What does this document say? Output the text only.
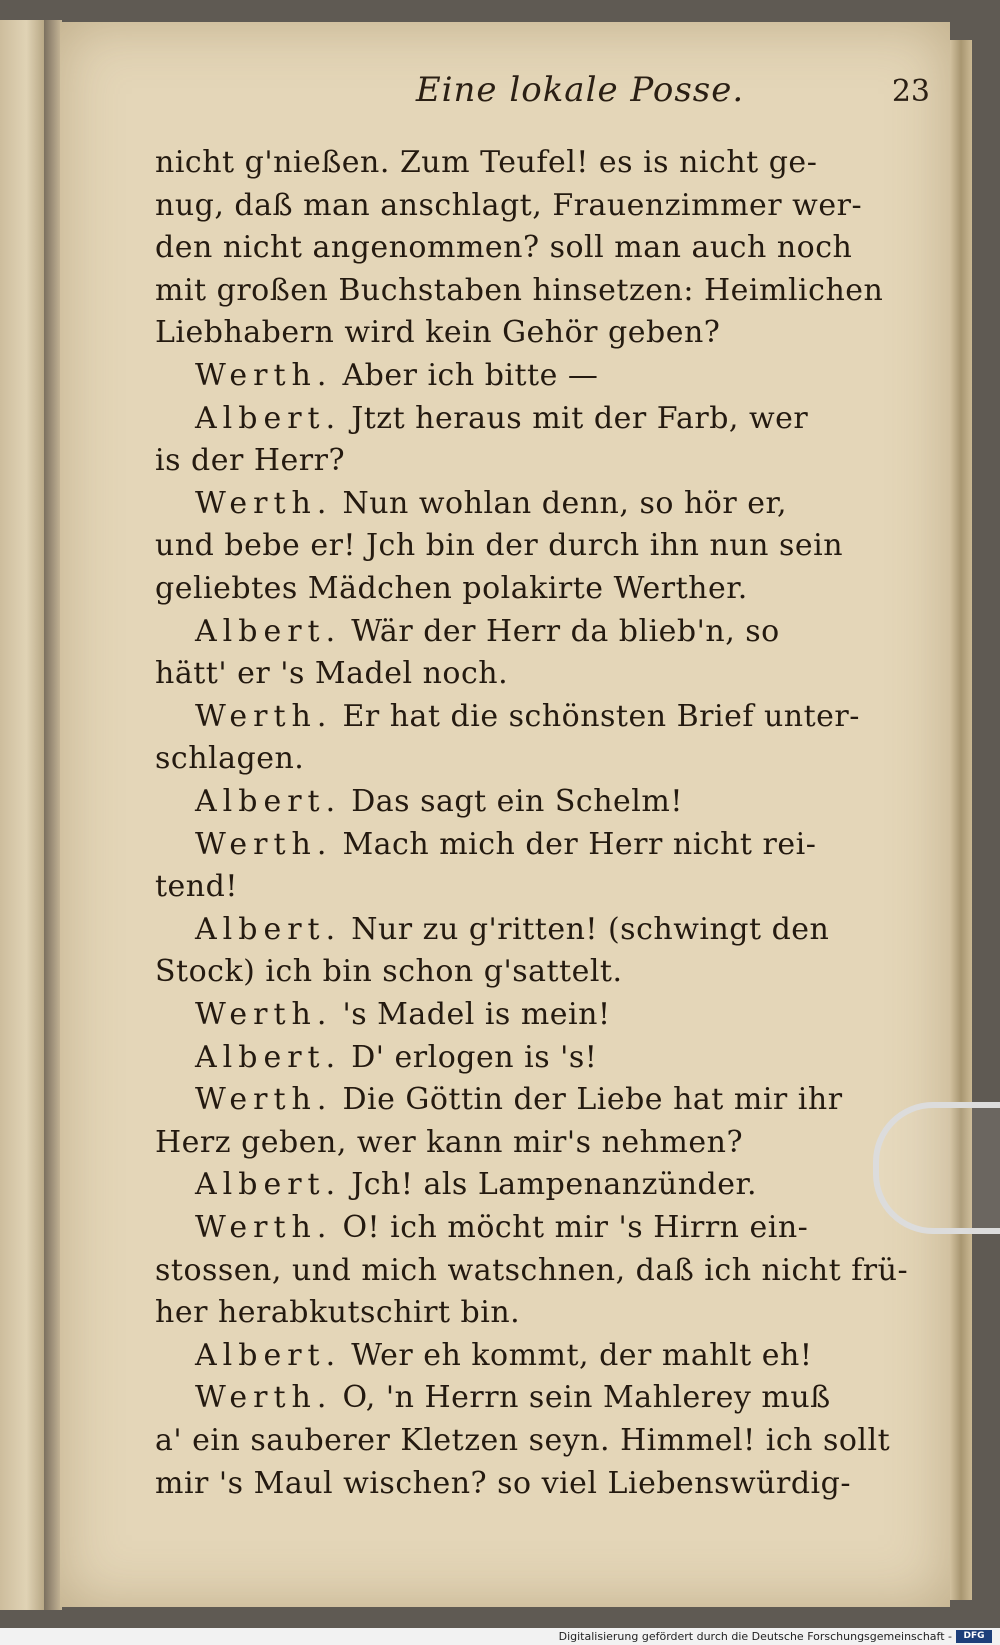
Eine lokale Posse.	23
nicht g'nießen. Zum Teufel! es is nicht ge-
nug, daß man anschlagt, Frauenzimmer wer-
den nicht angenommen? soll man auch noch
mit großen Buchstaben hinsetzen: Heimlichen
Liebhabern wird kein Gehör geben?
Werth. Aber ich bitte —
Albert. Jtzt heraus mit der Farb, wer
is der Herr?
Werth. Nun wohlan denn, so hör er,
und bebe er! Jch bin der durch ihn nun sein
geliebtes Mädchen polakirte Werther.
Albert. Wär der Herr da blieb'n, so
hätt' er 's Madel noch.
Werth. Er hat die schönsten Brief unter-
schlagen.
Albert. Das sagt ein Schelm!
Werth. Mach mich der Herr nicht rei-
tend!
Albert. Nur zu g'ritten! (schwingt den
Stock) ich bin schon g'sattelt.
Werth. 's Madel is mein!
Albert. D' erlogen is 's!
Werth. Die Göttin der Liebe hat mir ihr
Herz geben, wer kann mir's nehmen?
Albert. Jch! als Lampenanzünder.
Werth. O! ich möcht mir 's Hirrn ein-
stossen, und mich watschnen, daß ich nicht frü-
her herabkutschirt bin.
Albert. Wer eh kommt, der mahlt eh!
Werth. O, 'n Herrn sein Mahlerey muß
a' ein sauberer Kletzen seyn. Himmel! ich sollt
mir 's Maul wischen? so viel Liebenswürdig-
Digitalisierung gefördert durch die Deutsche Forschungsgemeinschaft -	DFG
